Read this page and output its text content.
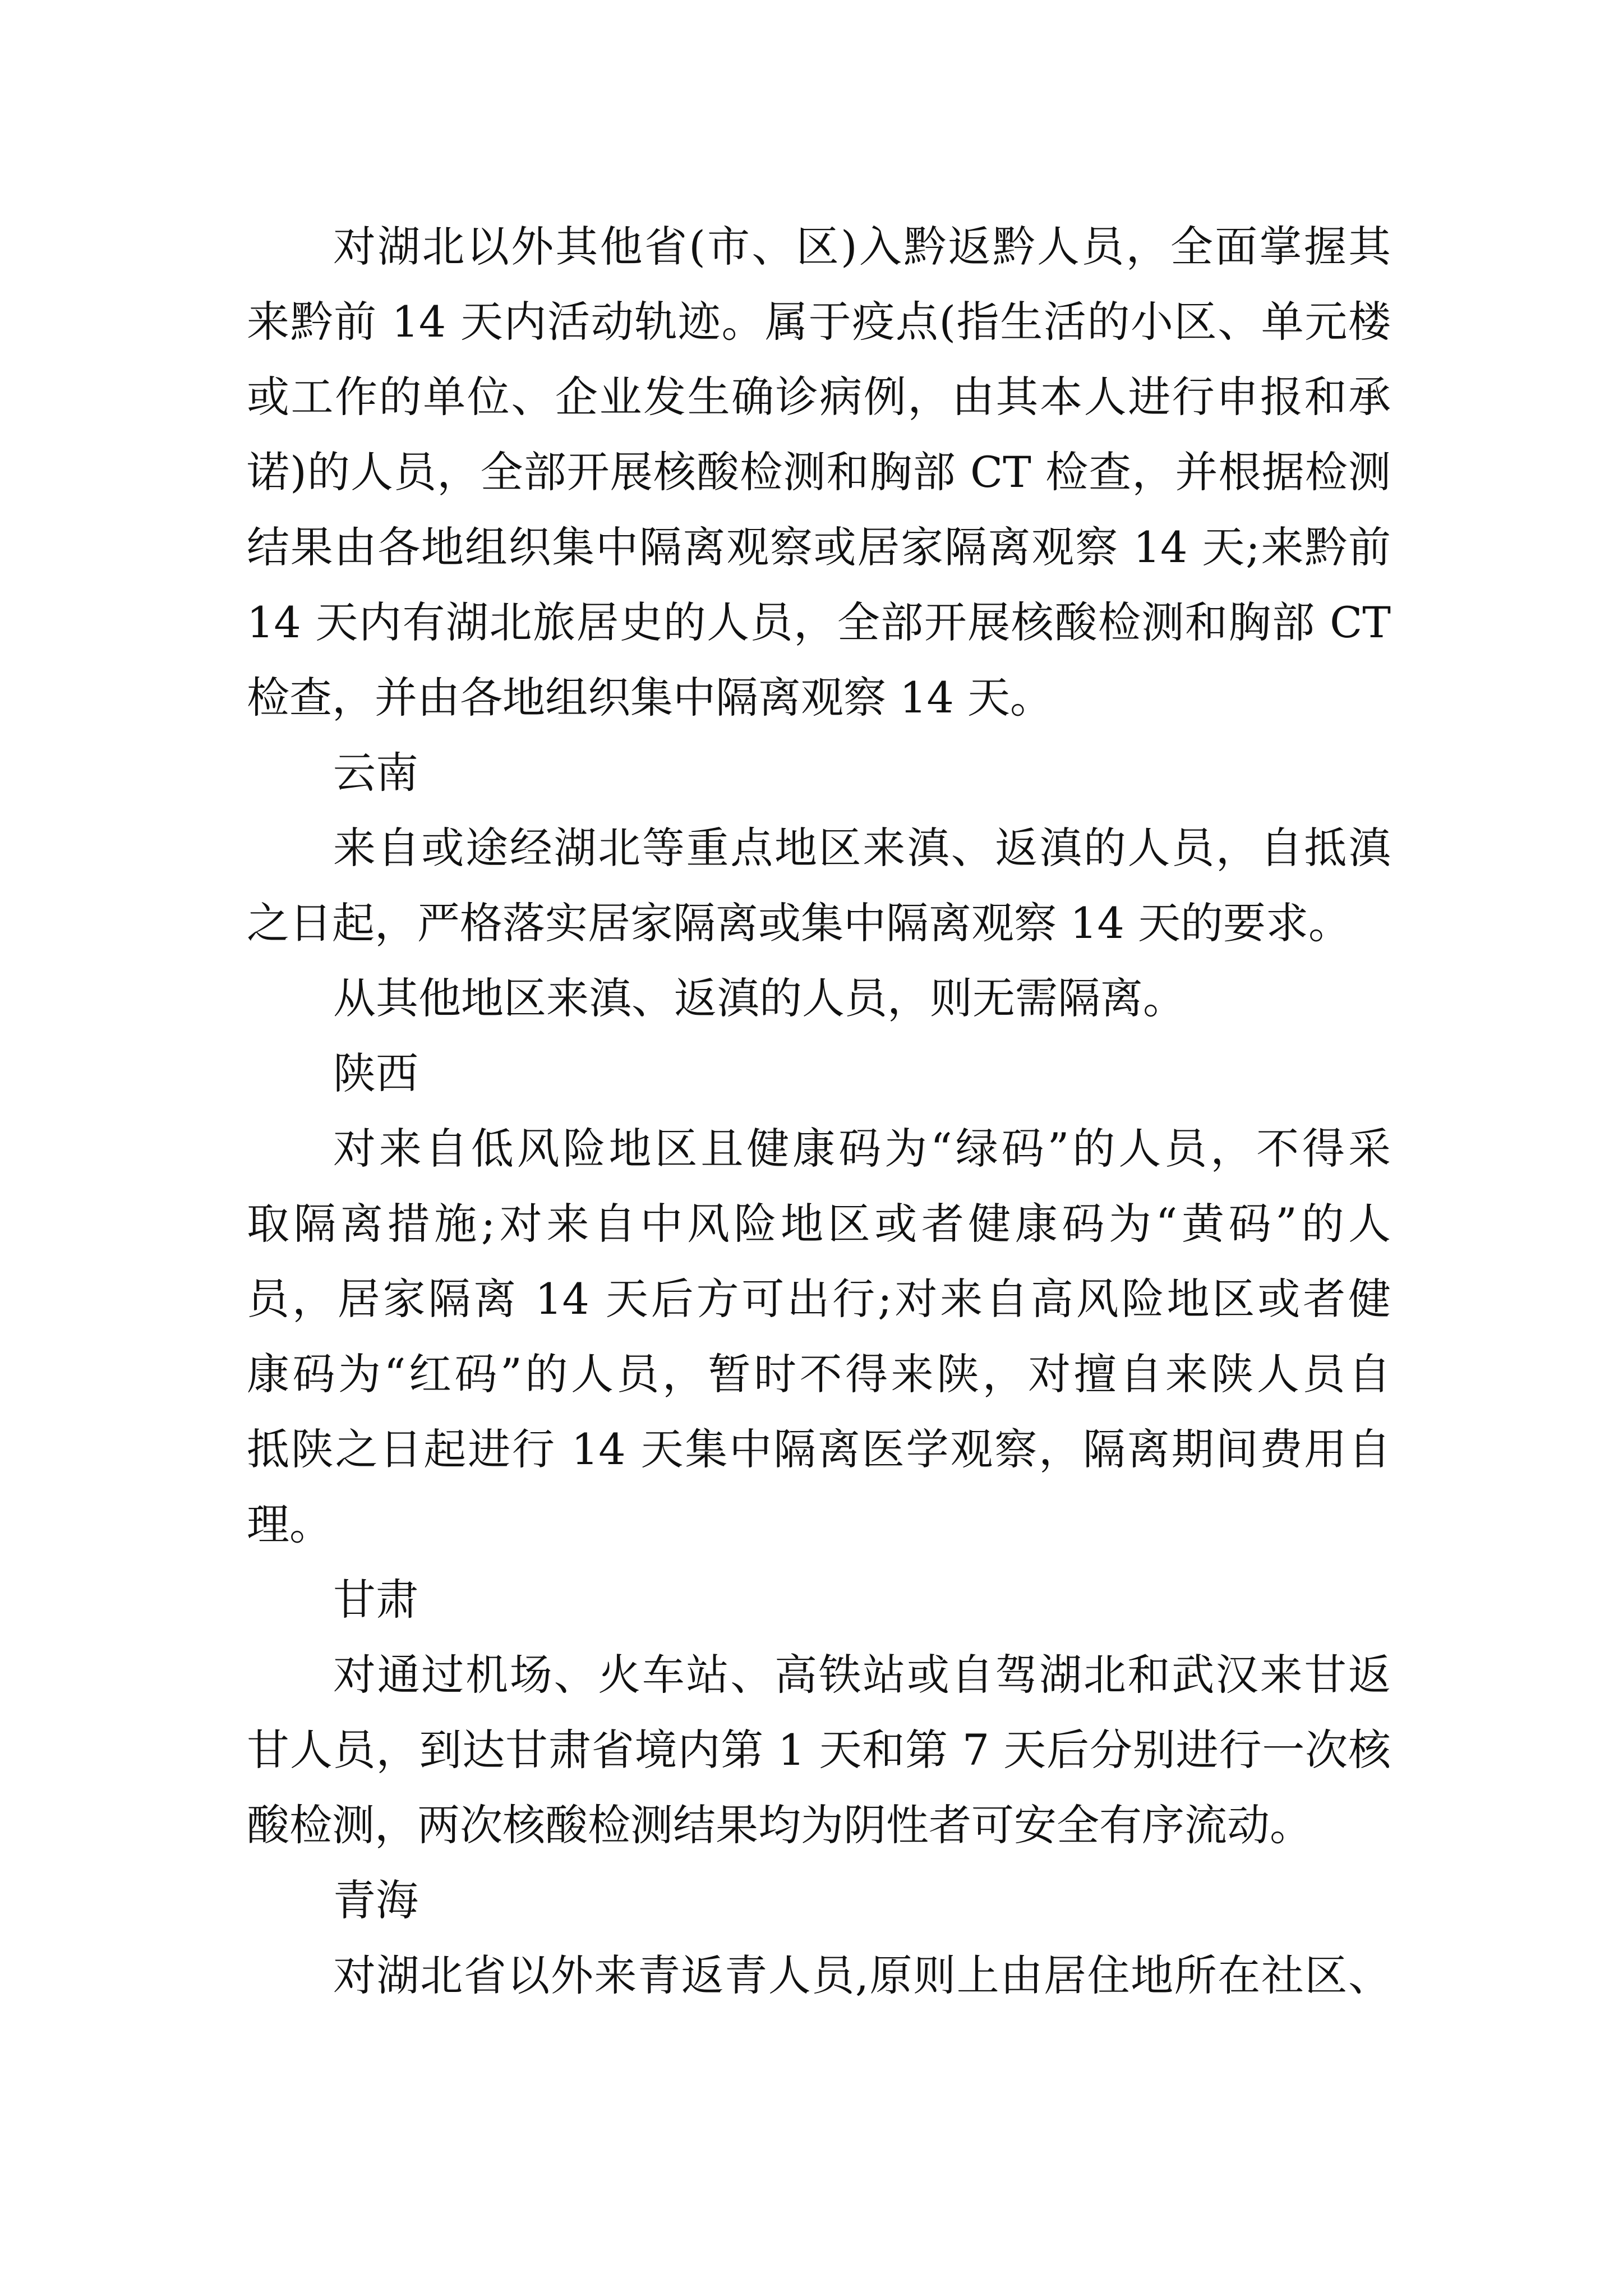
对湖北以外其他省(市、区)入黔返黔人员，全面掌握其

来黔前 14 天内活动轨迹。属于疫点(指生活的小区、单元楼

或工作的单位、企业发生确诊病例，由其本人进行申报和承

诺)的人员，全部开展核酸检测和胸部 CT 检查，并根据检测

结果由各地组织集中隔离观察或居家隔离观察 14 天;来黔前

14 天内有湖北旅居史的人员，全部开展核酸检测和胸部 CT

检查，并由各地组织集中隔离观察 14 天。

云南

来自或途经湖北等重点地区来滇、返滇的人员，自抵滇

之日起，严格落实居家隔离或集中隔离观察 14 天的要求。

从其他地区来滇、返滇的人员，则无需隔离。

陕西

对来自低风险地区且健康码为“绿码”的人员，不得采

取隔离措施;对来自中风险地区或者健康码为“黄码”的人

员，居家隔离 14 天后方可出行;对来自高风险地区或者健

康码为“红码”的人员，暂时不得来陕，对擅自来陕人员自

抵陕之日起进行 14 天集中隔离医学观察，隔离期间费用自

理。

甘肃

对通过机场、火车站、高铁站或自驾湖北和武汉来甘返

甘人员，到达甘肃省境内第 1 天和第 7 天后分别进行一次核

酸检测，两次核酸检测结果均为阴性者可安全有序流动。

青海

对湖北省以外来青返青人员,原则上由居住地所在社区、
